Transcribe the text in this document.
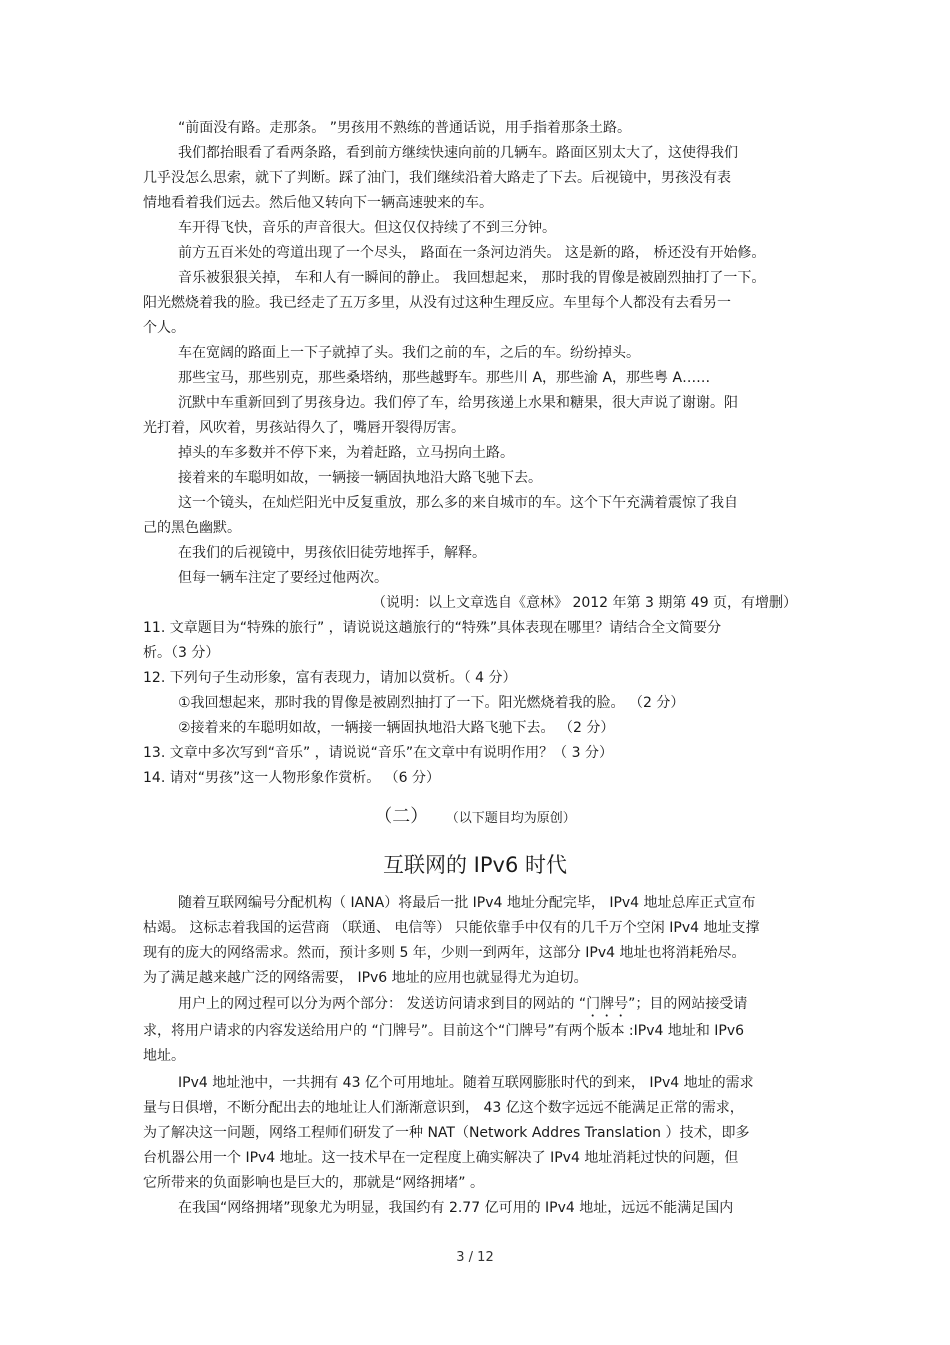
“前面没有路。走那条。 ”男孩用不熟练的普通话说，用手指着那条土路。
我们都抬眼看了看两条路，看到前方继续快速向前的几辆车。路面区别太大了，这使得我们
几乎没怎么思索，就下了判断。踩了油门，我们继续沿着大路走了下去。后视镜中，男孩没有表
情地看着我们远去。然后他又转向下一辆高速驶来的车。
车开得飞快，音乐的声音很大。但这仅仅持续了不到三分钟。
前方五百米处的弯道出现了一个尽头， 路面在一条河边消失。 这是新的路， 桥还没有开始修。
音乐被狠狠关掉， 车和人有一瞬间的静止。 我回想起来， 那时我的胃像是被剧烈抽打了一下。
阳光燃烧着我的脸。我已经走了五万多里，从没有过这种生理反应。车里每个人都没有去看另一
个人。
车在宽阔的路面上一下子就掉了头。我们之前的车，之后的车。纷纷掉头。
那些宝马，那些别克，那些桑塔纳，那些越野车。那些川 A，那些渝 A，那些粤 A……
沉默中车重新回到了男孩身边。我们停了车，给男孩递上水果和糖果，很大声说了谢谢。阳
光打着，风吹着，男孩站得久了，嘴唇开裂得厉害。
掉头的车多数并不停下来，为着赶路，立马拐向土路。
接着来的车聪明如故，一辆接一辆固执地沿大路飞驰下去。
这一个镜头，在灿烂阳光中反复重放，那么多的来自城市的车。这个下午充满着震惊了我自
己的黑色幽默。
在我们的后视镜中，男孩依旧徒劳地挥手，解释。
但每一辆车注定了要经过他两次。
（说明：以上文章选自《意林》 2012 年第 3 期第 49 页，有增删）
11. 文章题目为“特殊的旅行” ，请说说这趟旅行的“特殊”具体表现在哪里？请结合全文简要分
析。（3 分）
12. 下列句子生动形象，富有表现力，请加以赏析。（ 4 分）
①我回想起来，那时我的胃像是被剧烈抽打了一下。阳光燃烧着我的脸。 （2 分）
②接着来的车聪明如故，一辆接一辆固执地沿大路飞驰下去。 （2 分）
13. 文章中多次写到“音乐” ，请说说“音乐”在文章中有说明作用？（ 3 分）
14. 请对“男孩”这一人物形象作赏析。 （6 分）
（二） （以下题目均为原创）
互联网的 IPv6 时代
随着互联网编号分配机构（ IANA）将最后一批 IPv4 地址分配完毕， IPv4 地址总库正式宣布
枯竭。 这标志着我国的运营商 （联通、 电信等） 只能依靠手中仅有的几千万个空闲 IPv4 地址支撑
现有的庞大的网络需求。然而，预计多则 5 年，少则一到两年，这部分 IPv4 地址也将消耗殆尽。
为了满足越来越广泛的网络需要， IPv6 地址的应用也就显得尤为迫切。
用户上的网过程可以分为两个部分： 发送访问请求到目的网站的 “门牌号”；目的网站接受请
求，将用户请求的内容发送给用户的 “门牌号”。目前这个“门牌号”有两个版本 :IPv4 地址和 IPv6
地址。
IPv4 地址池中，一共拥有 43 亿个可用地址。随着互联网膨胀时代的到来， IPv4 地址的需求
量与日俱增，不断分配出去的地址让人们渐渐意识到， 43 亿这个数字远远不能满足正常的需求，
为了解决这一问题，网络工程师们研发了一种 NAT（Network Addres Translation ）技术，即多
台机器公用一个 IPv4 地址。这一技术早在一定程度上确实解决了 IPv4 地址消耗过快的问题，但
它所带来的负面影响也是巨大的，那就是“网络拥堵” 。
在我国“网络拥堵”现象尤为明显，我国约有 2.77 亿可用的 IPv4 地址，远远不能满足国内
3 / 12
